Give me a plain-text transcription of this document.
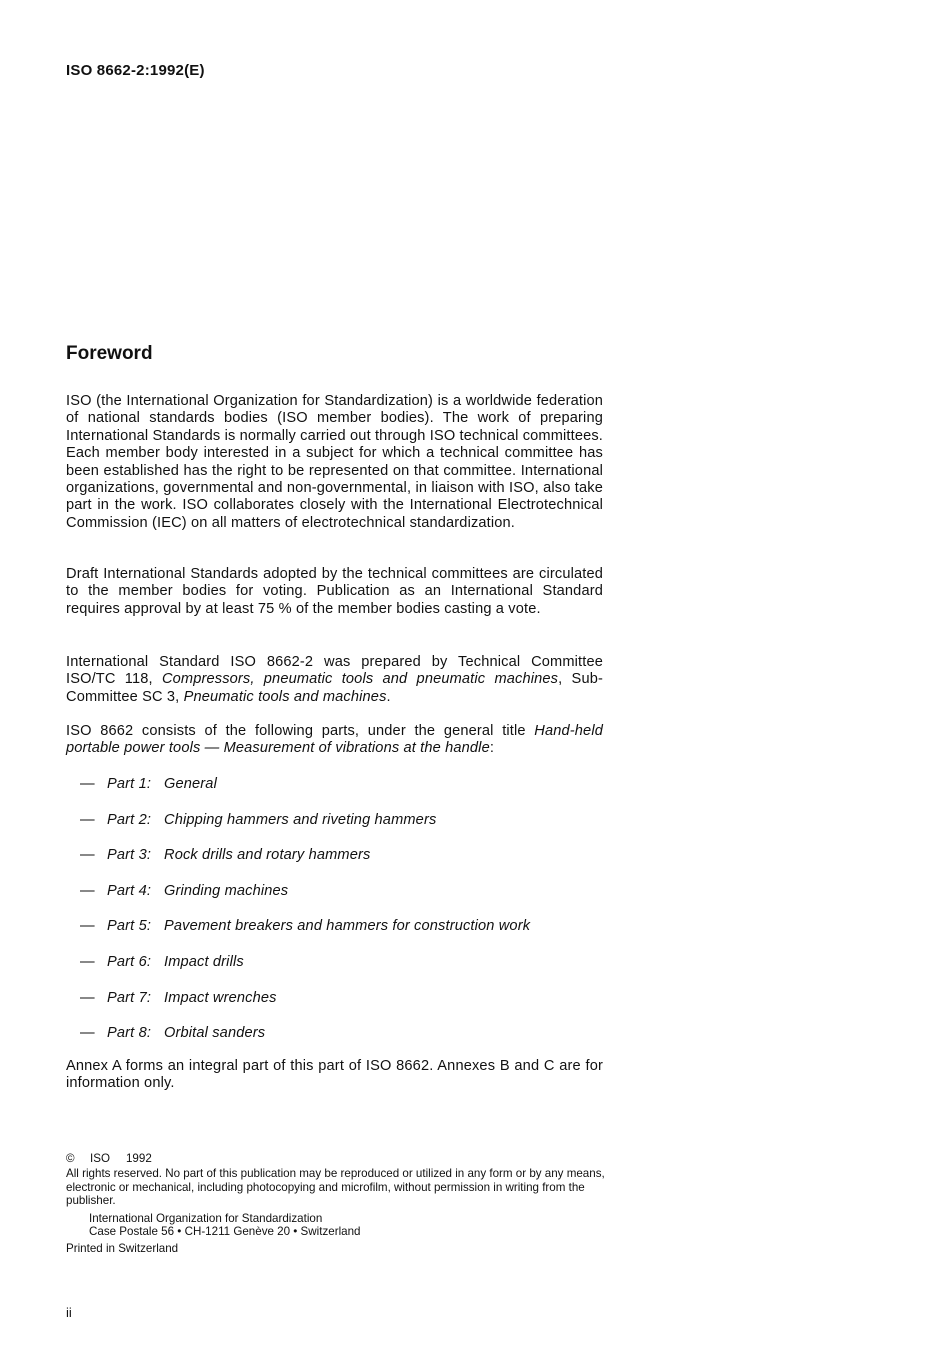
ISO 8662-2:1992(E)
Foreword

ISO (the International Organization for Standardization) is a worldwide federation of national standards bodies (ISO member bodies). The work of preparing International Standards is normally carried out through ISO technical committees. Each member body interested in a subject for which a technical committee has been established has the right to be represented on that committee. International organizations, governmental and non-governmental, in liaison with ISO, also take part in the work. ISO collaborates closely with the International Electrotechnical Commission (IEC) on all matters of electrotechnical standardization.

Draft International Standards adopted by the technical committees are circulated to the member bodies for voting. Publication as an International Standard requires approval by at least 75 % of the member bodies casting a vote.

International Standard ISO 8662-2 was prepared by Technical Committee ISO/TC 118, Compressors, pneumatic tools and pneumatic machines, Sub-Committee SC 3, Pneumatic tools and machines.

ISO 8662 consists of the following parts, under the general title Hand-held portable power tools — Measurement of vibrations at the handle:

— Part 1: General
— Part 2: Chipping hammers and riveting hammers
— Part 3: Rock drills and rotary hammers
— Part 4: Grinding machines
— Part 5: Pavement breakers and hammers for construction work
— Part 6: Impact drills
— Part 7: Impact wrenches
— Part 8: Orbital sanders

Annex A forms an integral part of this part of ISO 8662. Annexes B and C are for information only.

© ISO 1992

All rights reserved. No part of this publication may be reproduced or utilized in any form or by any means, electronic or mechanical, including photocopying and microfilm, without permission in writing from the publisher.

International Organization for Standardization

Case Postale 56 • CH-1211 Genève 20 • Switzerland

Printed in Switzerland

ii
